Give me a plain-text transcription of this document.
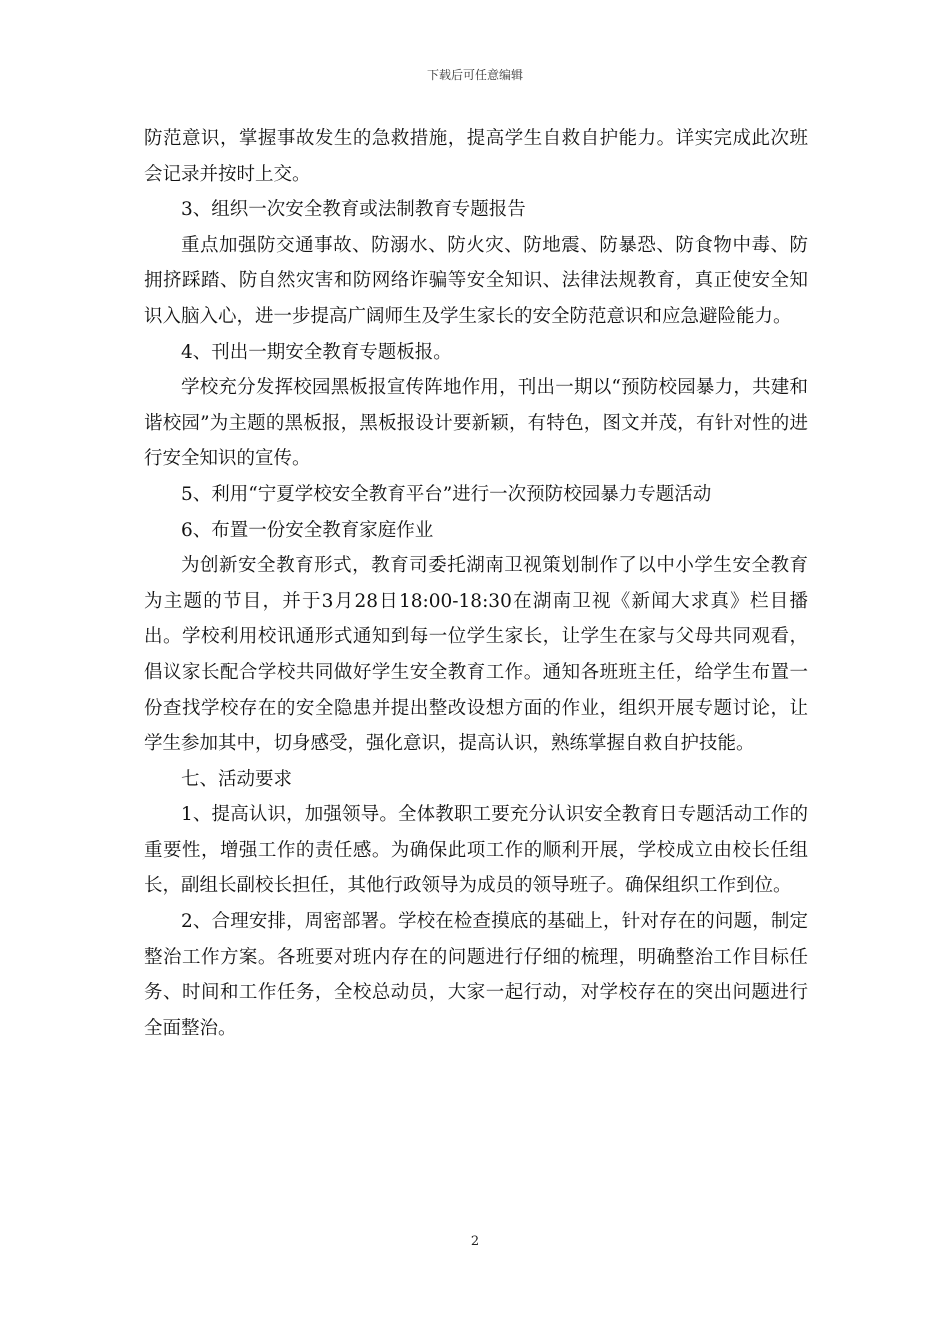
下载后可任意编辑

防范意识，掌握事故发生的急救措施，提高学生自救自护能力。详实完成此次班会记录并按时上交。

3、组织一次安全教育或法制教育专题报告

重点加强防交通事故、防溺水、防火灾、防地震、防暴恐、防食物中毒、防拥挤踩踏、防自然灾害和防网络诈骗等安全知识、法律法规教育，真正使安全知识入脑入心，进一步提高广阔师生及学生家长的安全防范意识和应急避险能力。

4、刊出一期安全教育专题板报。

学校充分发挥校园黑板报宣传阵地作用，刊出一期以“预防校园暴力，共建和谐校园”为主题的黑板报，黑板报设计要新颖，有特色，图文并茂，有针对性的进行安全知识的宣传。

5、利用“宁夏学校安全教育平台”进行一次预防校园暴力专题活动

6、布置一份安全教育家庭作业

为创新安全教育形式，教育司委托湖南卫视策划制作了以中小学生安全教育为主题的节目，并于3月28日18:00-18:30在湖南卫视《新闻大求真》栏目播出。学校利用校讯通形式通知到每一位学生家长，让学生在家与父母共同观看，倡议家长配合学校共同做好学生安全教育工作。通知各班班主任，给学生布置一份查找学校存在的安全隐患并提出整改设想方面的作业，组织开展专题讨论，让学生参加其中，切身感受，强化意识，提高认识，熟练掌握自救自护技能。

七、活动要求

1、提高认识，加强领导。全体教职工要充分认识安全教育日专题活动工作的重要性，增强工作的责任感。为确保此项工作的顺利开展，学校成立由校长任组长，副组长副校长担任，其他行政领导为成员的领导班子。确保组织工作到位。

2、合理安排，周密部署。学校在检查摸底的基础上，针对存在的问题，制定整治工作方案。各班要对班内存在的问题进行仔细的梳理，明确整治工作目标任务、时间和工作任务，全校总动员，大家一起行动，对学校存在的突出问题进行全面整治。

2
